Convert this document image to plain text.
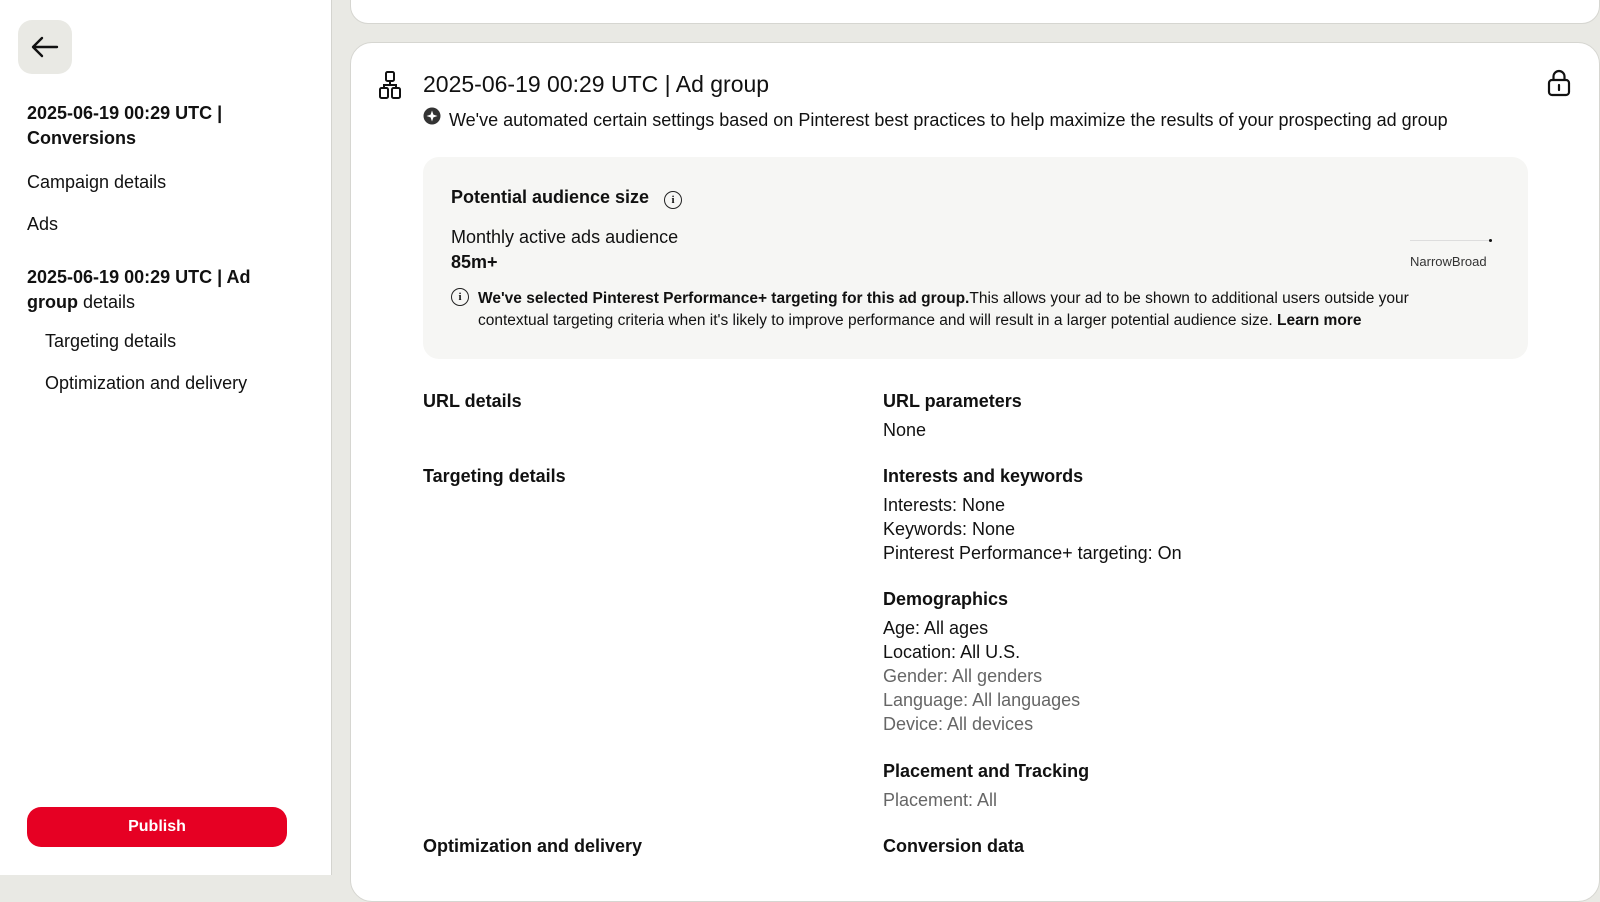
2025-06-19 00:29 UTC | Conversions
Campaign details
Ads
2025-06-19 00:29 UTC | Ad group details
Targeting details
Optimization and delivery
Publish
2025-06-19 00:29 UTC | Ad group
We've automated certain settings based on Pinterest best practices to help maximize the results of your prospecting ad group
Potential audience size i
Monthly active ads audience
85m+	NarrowBroad
i	We've selected Pinterest Performance+ targeting for this ad group.This allows your ad to be shown to additional users outside your contextual targeting criteria when it's likely to improve performance and will result in a larger potential audience size. Learn more
URL details	URL parameters
None
Targeting details	Interests and keywords
Interests: None
Keywords: None
Pinterest Performance+ targeting: On
Demographics
Age: All ages
Location: All U.S.
Gender: All genders
Language: All languages
Device: All devices
Placement and Tracking
Placement: All
Optimization and delivery	Conversion data
